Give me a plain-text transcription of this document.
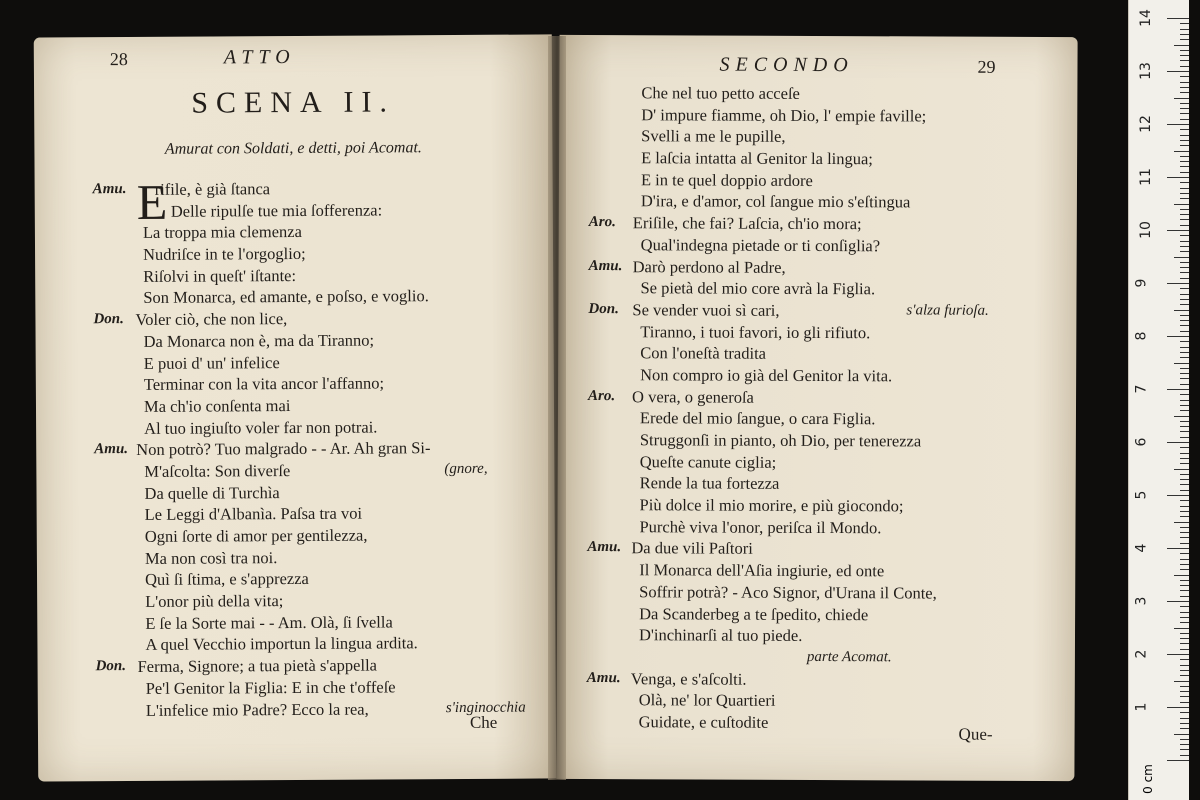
28	ATTO
SCENA II.
Amurat con Soldati, e detti, poi Acomat.
E
Amu. rifile, è già ſtanca
Delle ripulſe tue mia ſofferenza:
La troppa mia clemenza
Nudriſce in te l'orgoglio;
Riſolvi in queſt' iſtante:
Son Monarca, ed amante, e poſso, e voglio.
Don. Voler ciò, che non lice,
Da Monarca non è, ma da Tiranno;
E puoi d' un' infelice
Terminar con la vita ancor l'affanno;
Ma ch'io conſenta mai
Al tuo ingiuſto voler far non potrai.
Amu. Non potrò? Tuo malgrado - - Ar. Ah gran Si-
M'aſcolta: Son diverſe	(gnore,
Da quelle di Turchìa
Le Leggi d'Albanìa. Paſsa tra voi
Ogni ſorte di amor per gentilezza,
Ma non così tra noi.
Quì ſi ſtima, e s'apprezza
L'onor più della vita;
E ſe la Sorte mai - - Am. Olà, ſi ſvella
A quel Vecchio importun la lingua ardita.
Don. Ferma, Signore; a tua pietà s'appella
Pe'l Genitor la Figlia: E in che t'offeſe
L'infelice mio Padre? Ecco la rea,	s'inginocchia
Che
SECONDO	29
Che nel tuo petto acceſe
D' impure fiamme, oh Dio, l' empie faville;
Svelli a me le pupille,
E laſcia intatta al Genitor la lingua;
E in te quel doppio ardore
D'ira, e d'amor, col ſangue mio s'eſtingua
Aro. Eriſile, che fai? Laſcia, ch'io mora;
Qual'indegna pietade or ti conſiglia?
Amu. Darò perdono al Padre,
Se pietà del mio core avrà la Figlia.
Don. Se vender vuoi sì cari,	s'alza furioſa.
Tiranno, i tuoi favori, io gli rifiuto.
Con l'oneſtà tradita
Non compro io già del Genitor la vita.
Aro. O vera, o generoſa
Erede del mio ſangue, o cara Figlia.
Struggonſi in pianto, oh Dio, per tenerezza
Queſte canute ciglia;
Rende la tua fortezza
Più dolce il mio morire, e più giocondo;
Purchè viva l'onor, periſca il Mondo.
Amu. Da due vili Paſtori
Il Monarca dell'Aſia ingiurie, ed onte
Soffrir potrà? - Aco Signor, d'Urana il Conte,
Da Scanderbeg a te ſpedito, chiede
D'inchinarſi al tuo piede.
parte Acomat.
Amu. Venga, e s'aſcolti.
Olà, ne' lor Quartieri
Guidate, e cuſtodite
Que-
0 cm
1
2
3
4
5
6
7
8
9
10
11
12
13
14
